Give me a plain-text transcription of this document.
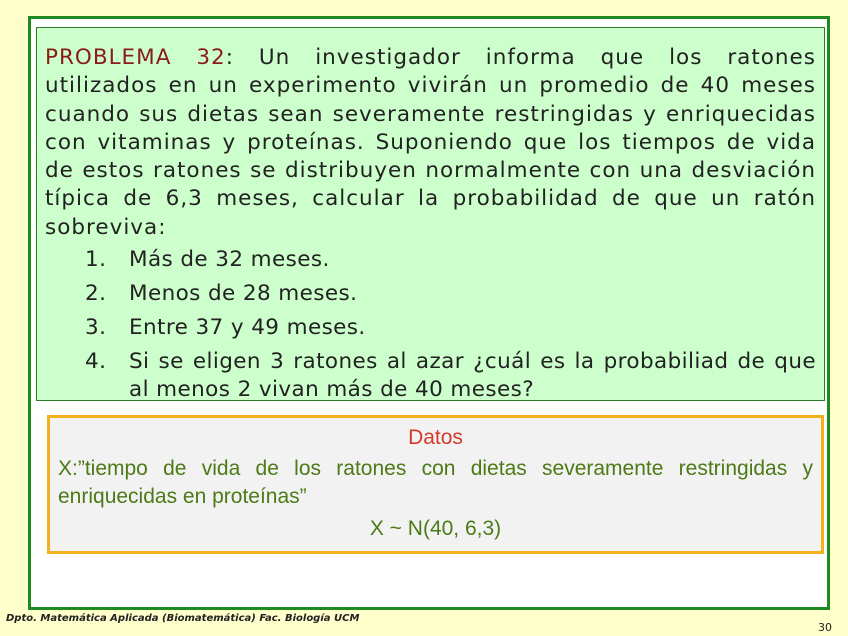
PROBLEMA 32: Un investigador informa que los ratones utilizados en un experimento vivirán un promedio de 40 meses cuando sus dietas sean severamente restringidas y enriquecidas con vitaminas y proteínas. Suponiendo que los tiempos de vida de estos ratones se distribuyen normalmente con una desviación típica de 6,3 meses, calcular la probabilidad de que un ratón sobreviva:

1. Más de 32 meses.
2. Menos de 28 meses.
3. Entre 37 y 49 meses.
4. Si se eligen 3 ratones al azar ¿cuál es la probabiliad de que al menos 2 vivan más de 40 meses?
Datos

X:”tiempo de vida de los ratones con dietas severamente restringidas y enriquecidas en proteínas”

X ~ N(40, 6,3)
Dpto. Matemática Aplicada (Biomatemática) Fac. Biología UCM
30
